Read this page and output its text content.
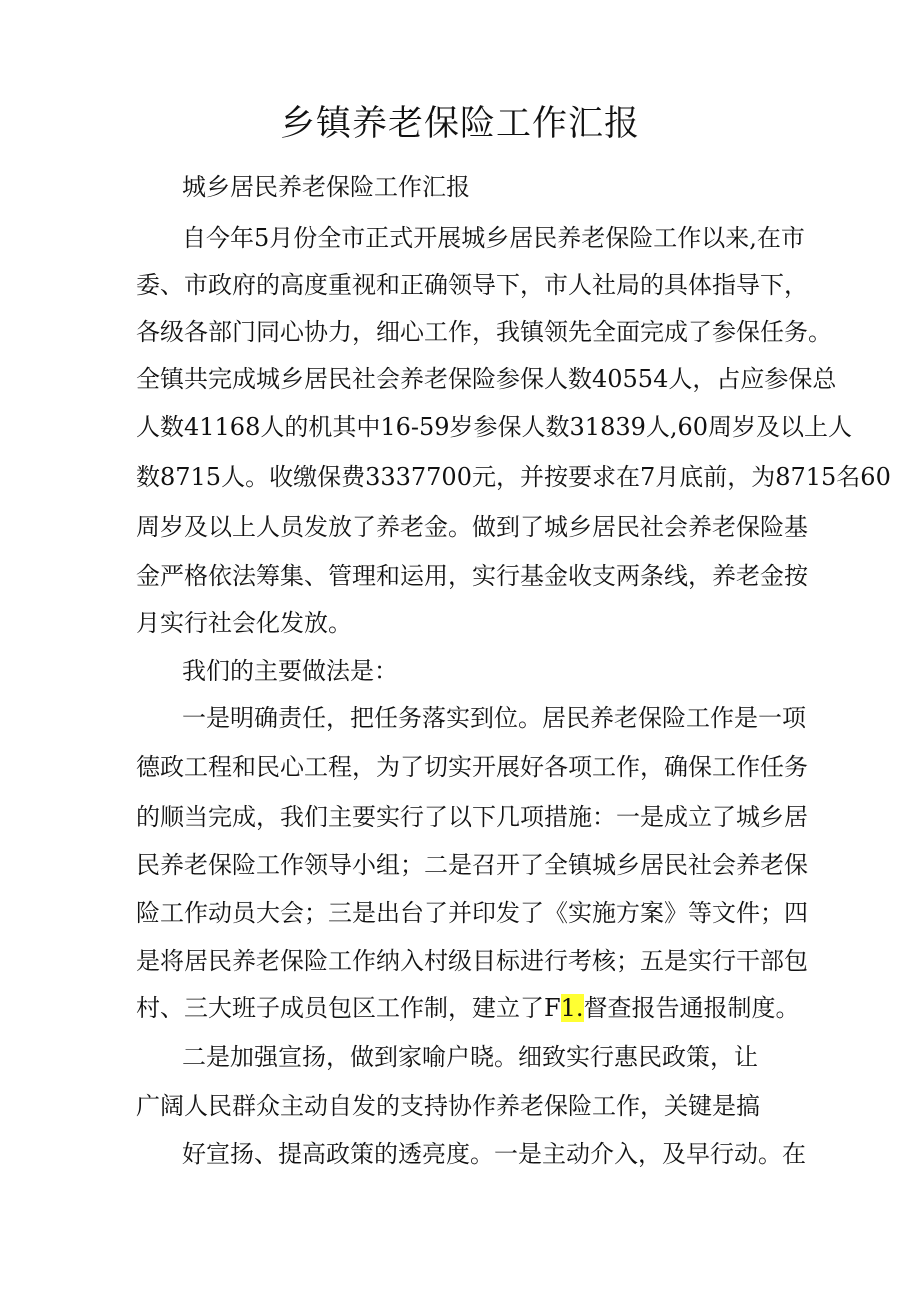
乡镇养老保险工作汇报
城乡居民养老保险工作汇报
自今年5月份全市正式开展城乡居民养老保险工作以来,在市
委、市政府的高度重视和正确领导下，市人社局的具体指导下，
各级各部门同心协力，细心工作，我镇领先全面完成了参保任务。
全镇共完成城乡居民社会养老保险参保人数40554人，占应参保总
人数41168人的机其中16-59岁参保人数31839人,60周岁及以上人
数8715人。收缴保费3337700元，并按要求在7月底前，为8715名60
周岁及以上人员发放了养老金。做到了城乡居民社会养老保险基
金严格依法筹集、管理和运用，实行基金收支两条线，养老金按
月实行社会化发放。
我们的主要做法是：
一是明确责任，把任务落实到位。居民养老保险工作是一项
德政工程和民心工程，为了切实开展好各项工作，确保工作任务
的顺当完成，我们主要实行了以下几项措施：一是成立了城乡居
民养老保险工作领导小组；二是召开了全镇城乡居民社会养老保
险工作动员大会；三是出台了并印发了《实施方案》等文件；四
是将居民养老保险工作纳入村级目标进行考核；五是实行干部包
村、三大班子成员包区工作制，建立了F1.督查报告通报制度。
二是加强宣扬，做到家喻户晓。细致实行惠民政策，让
广阔人民群众主动自发的支持协作养老保险工作，关键是搞
好宣扬、提高政策的透亮度。一是主动介入，及早行动。在
